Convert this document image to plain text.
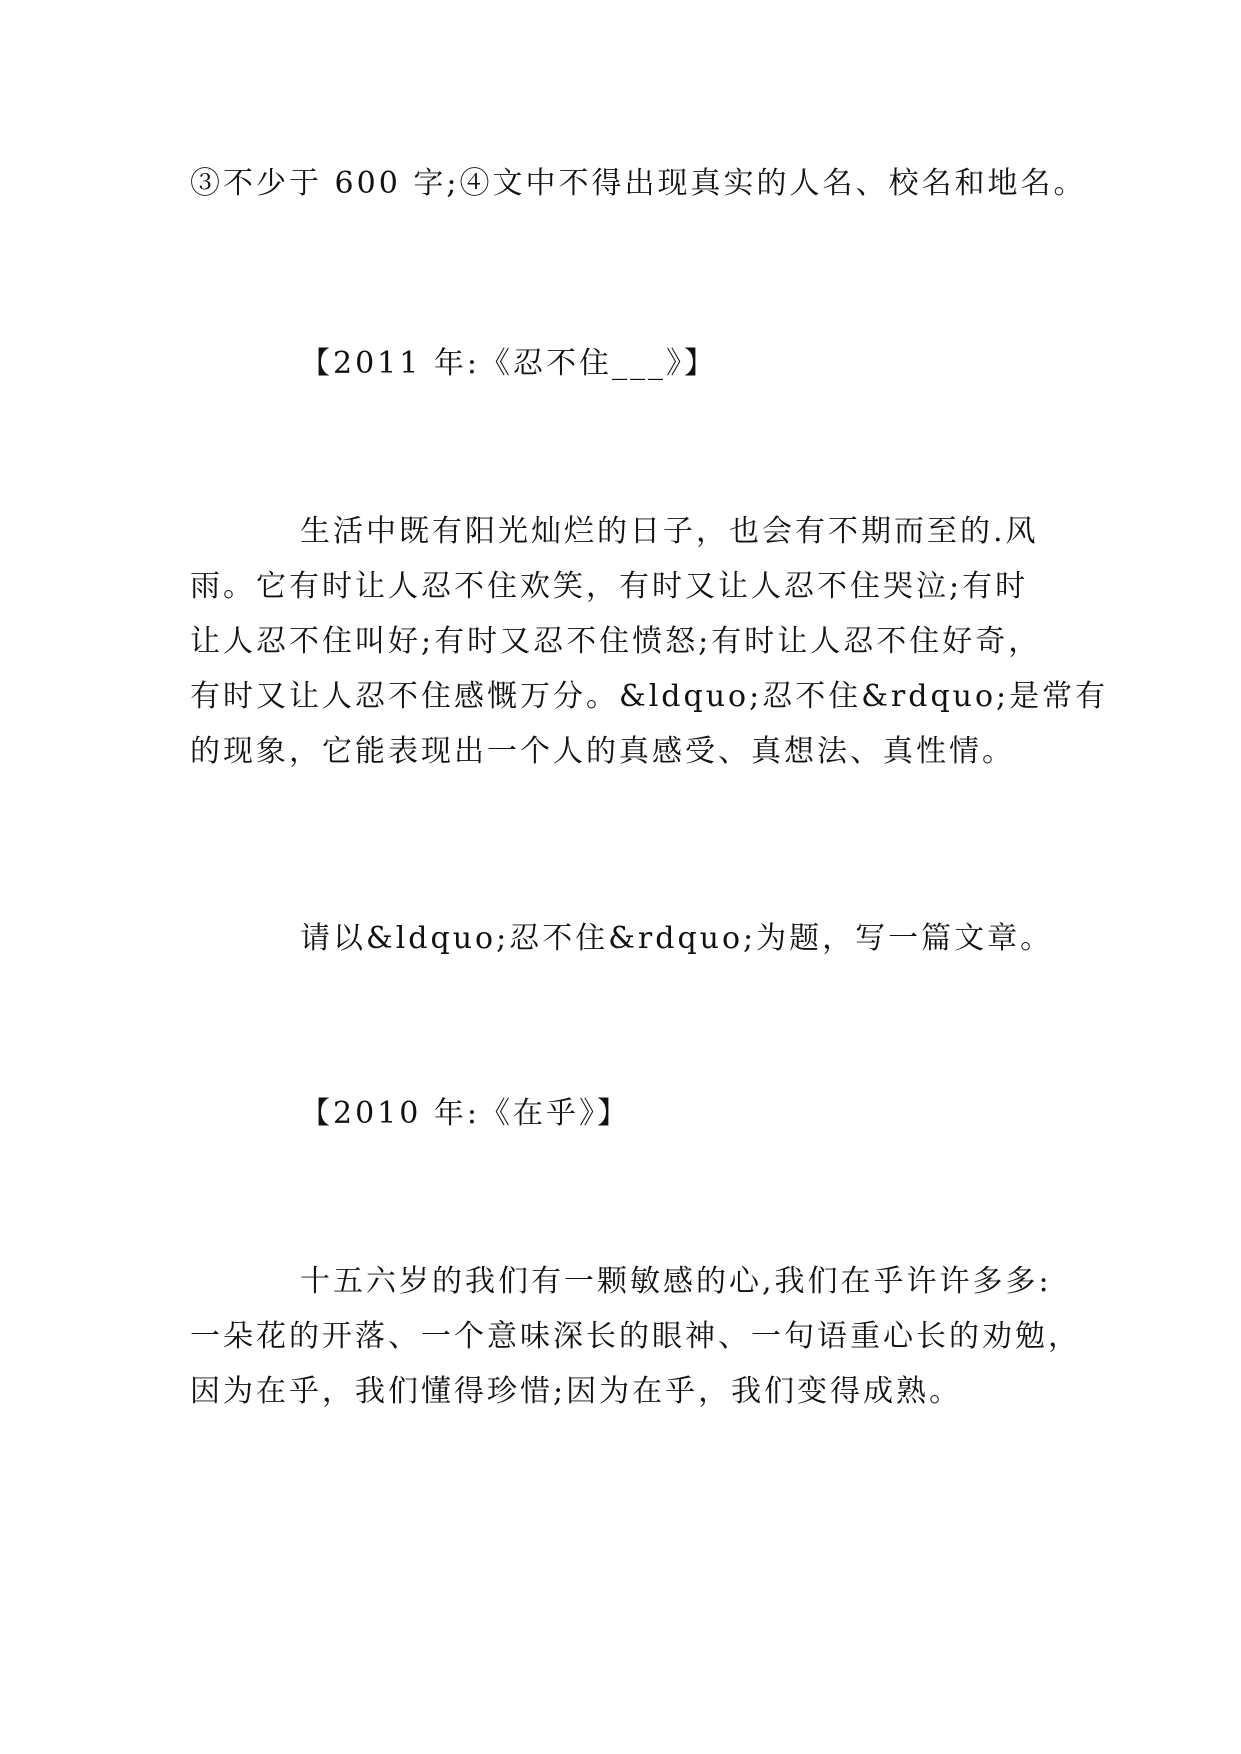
③不少于 600 字;④文中不得出现真实的人名、校名和地名。
【2011 年:《忍不住___》】
生活中既有阳光灿烂的日子，也会有不期而至的.风
雨。它有时让人忍不住欢笑，有时又让人忍不住哭泣;有时
让人忍不住叫好;有时又忍不住愤怒;有时让人忍不住好奇，
有时又让人忍不住感慨万分。&ldquo;忍不住&rdquo;是常有
的现象，它能表现出一个人的真感受、真想法、真性情。
请以&ldquo;忍不住&rdquo;为题，写一篇文章。
【2010 年:《在乎》】
十五六岁的我们有一颗敏感的心,我们在乎许许多多:
一朵花的开落、一个意味深长的眼神、一句语重心长的劝勉，
因为在乎，我们懂得珍惜;因为在乎，我们变得成熟。
